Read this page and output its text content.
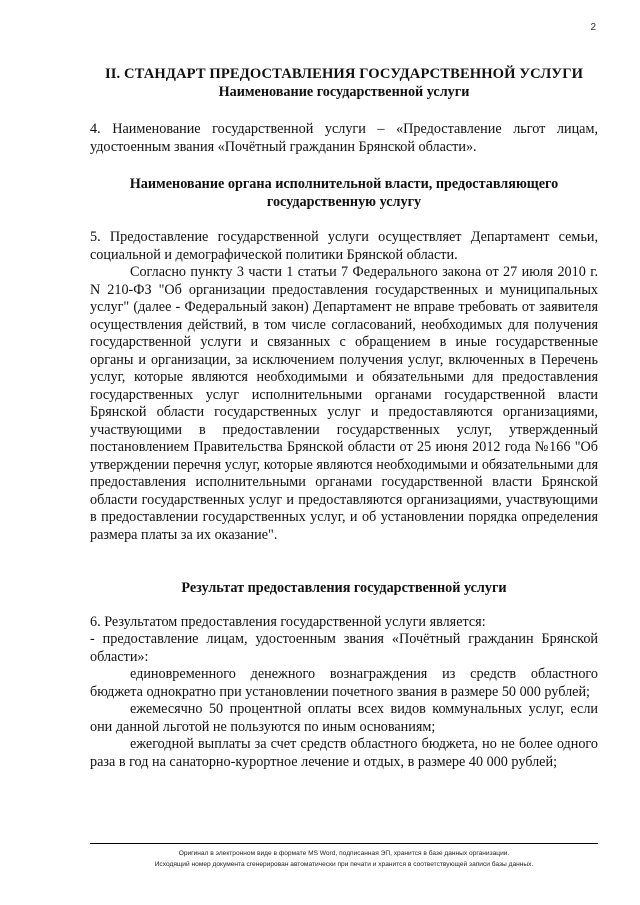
2
II. СТАНДАРТ ПРЕДОСТАВЛЕНИЯ ГОСУДАРСТВЕННОЙ УСЛУГИ
Наименование государственной услуги

4. Наименование государственной услуги – «Предоставление льгот лицам, удостоенным звания «Почётный гражданин Брянской области».

Наименование органа исполнительной власти, предоставляющего
государственную услугу

5. Предоставление государственной услуги осуществляет Департамент семьи, социальной и демографической политики Брянской области.

Согласно пункту 3 части 1 статьи 7 Федерального закона от 27 июля 2010 г. N 210-ФЗ "Об организации предоставления государственных и муниципальных услуг" (далее - Федеральный закон) Департамент не вправе требовать от заявителя осуществления действий, в том числе согласований, необходимых для получения государственной услуги и связанных с обращением в иные государственные органы и организации, за исключением получения услуг, включенных в Перечень услуг, которые являются необходимыми и обязательными для предоставления государственных услуг исполнительными органами государственной власти Брянской области государственных услуг и предоставляются организациями, участвующими в предоставлении государственных услуг, утвержденный постановлением Правительства Брянской области от 25 июня 2012 года №166 "Об утверждении перечня услуг, которые являются необходимыми и обязательными для предоставления исполнительными органами государственной власти Брянской области государственных услуг и предоставляются организациями, участвующими в предоставлении государственных услуг, и об установлении порядка определения размера платы за их оказание".

Результат предоставления государственной услуги

6. Результатом предоставления государственной услуги является:

- предоставление лицам, удостоенным звания «Почётный гражданин Брянской области»:

единовременного денежного вознаграждения из средств областного бюджета однократно при установлении почетного звания в размере 50 000 рублей;

ежемесячно 50 процентной оплаты всех видов коммунальных услуг, если они данной льготой не пользуются по иным основаниям;

ежегодной выплаты за счет средств областного бюджета, но не более одного раза в год на санаторно-курортное лечение и отдых, в размере 40 000 рублей;

Оригинал в электронном виде в формате MS Word, подписанная ЭП, хранится в базе данных организации.
Исходящий номер документа сгенерирован автоматически при печати и хранится в соответствующей записи базы данных.
